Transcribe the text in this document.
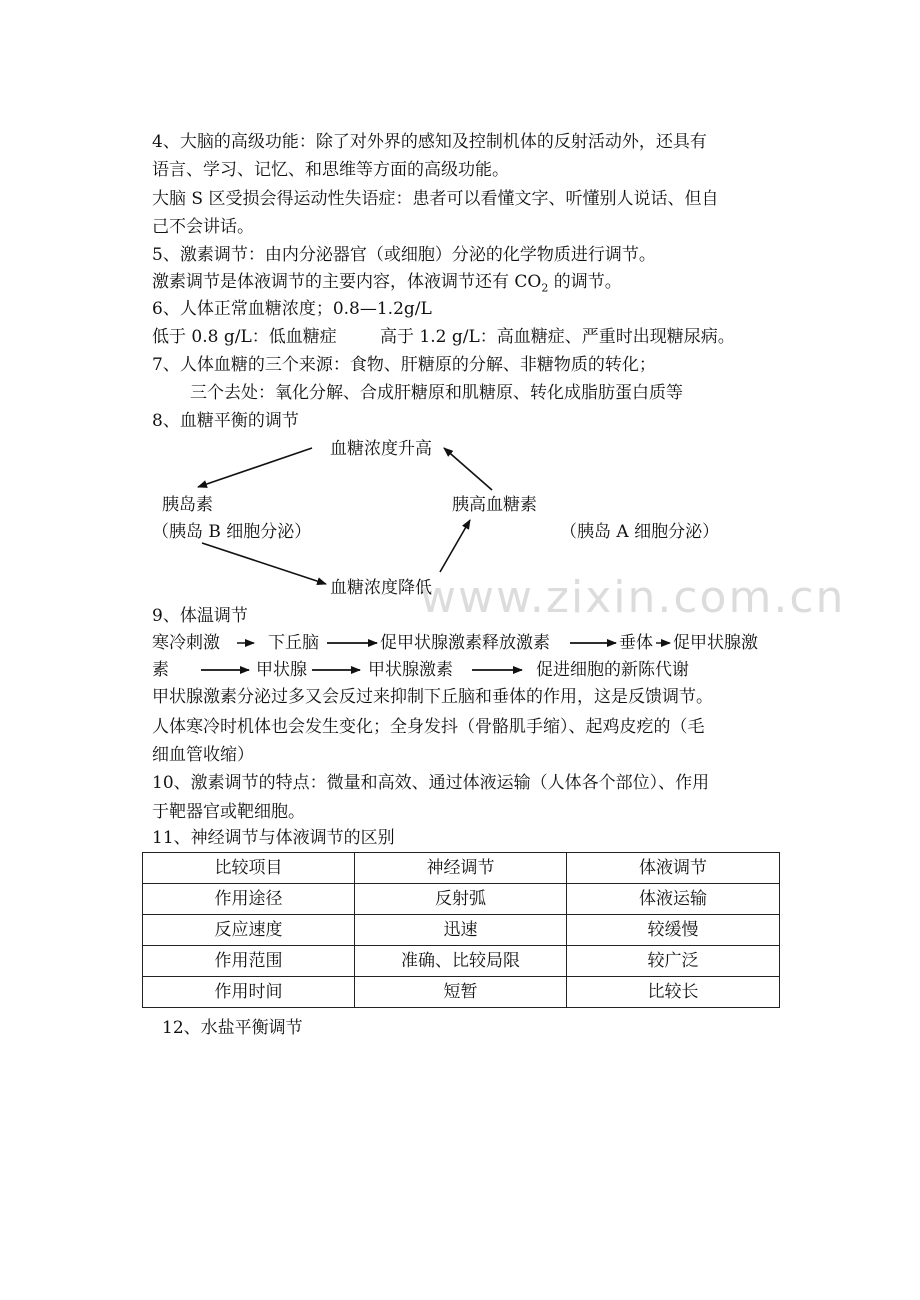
4、大脑的高级功能：除了对外界的感知及控制机体的反射活动外，还具有
语言、学习、记忆、和思维等方面的高级功能。
大脑 S 区受损会得运动性失语症：患者可以看懂文字、听懂别人说话、但自
己不会讲话。
5、激素调节：由内分泌器官（或细胞）分泌的化学物质进行调节。
激素调节是体液调节的主要内容，体液调节还有 $CO_2$ 的调节。
6、人体正常血糖浓度；0.8—1.2g/L
低于 0.8 g/L：低血糖症	高于 1.2 g/L：高血糖症、严重时出现糖尿病。
7、人体血糖的三个来源：食物、肝糖原的分解、非糖物质的转化；
三个去处：氧化分解、合成肝糖原和肌糖原、转化成脂肪蛋白质等
8、血糖平衡的调节
血糖浓度升高
胰岛素
（胰岛 B 细胞分泌）
胰高血糖素
（胰岛 A 细胞分泌）
血糖浓度降低
www.zixin.com.cn
9、体温调节
寒冷刺激	下丘脑	促甲状腺激素释放激素	垂体 促甲状腺激
素	甲状腺	甲状腺激素	促进细胞的新陈代谢
甲状腺激素分泌过多又会反过来抑制下丘脑和垂体的作用，这是反馈调节。
人体寒冷时机体也会发生变化；全身发抖（骨骼肌手缩）、起鸡皮疙的（毛
细血管收缩）
10、激素调节的特点：微量和高效、通过体液运输（人体各个部位）、作用
于靶器官或靶细胞。
11、神经调节与体液调节的区别
比较项目	神经调节	体液调节
作用途径	反射弧	体液运输
反应速度	迅速	较缓慢
作用范围	准确、比较局限	较广泛
作用时间	短暂	比较长
12、水盐平衡调节
